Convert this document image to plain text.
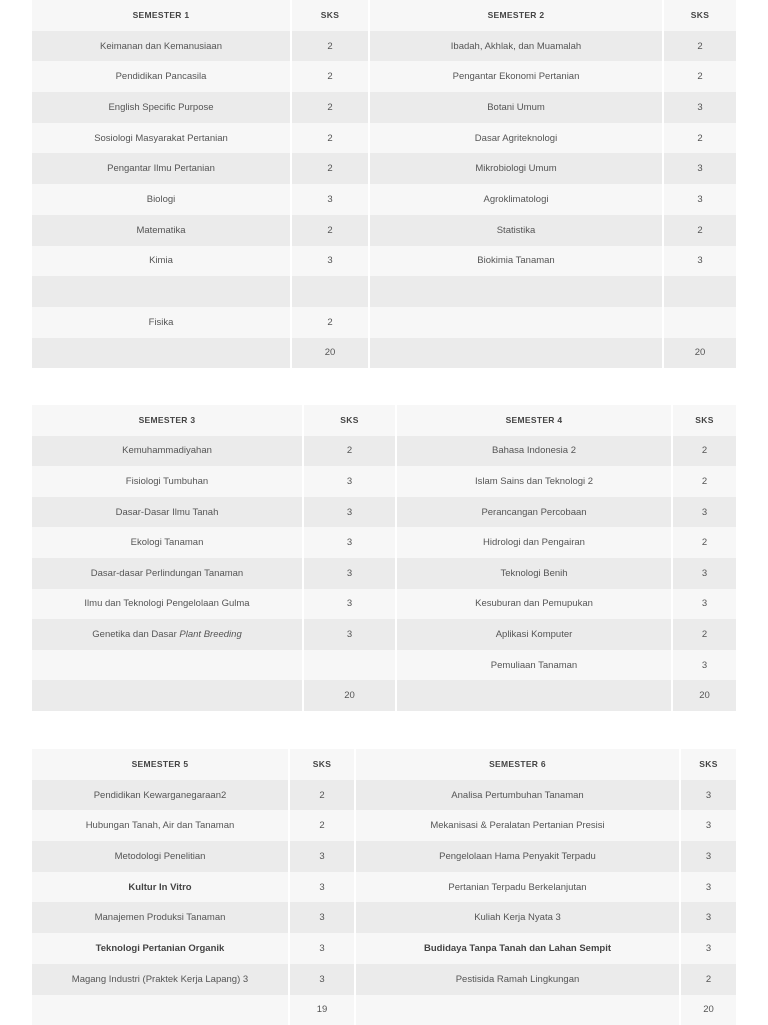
SEMESTER 1	SKS	SEMESTER 2	SKS
Keimanan dan Kemanusiaan	2	Ibadah, Akhlak, dan Muamalah	2
Pendidikan Pancasila	2	Pengantar Ekonomi Pertanian	2
English Specific Purpose	2	Botani Umum	3
Sosiologi Masyarakat Pertanian	2	Dasar Agriteknologi	2
Pengantar Ilmu Pertanian	2	Mikrobiologi Umum	3
Biologi	3	Agroklimatologi	3
Matematika	2	Statistika	2
Kimia	3	Biokimia Tanaman	3

Fisika	2		
	20		20
SEMESTER 3	SKS	SEMESTER 4	SKS
Kemuhammadiyahan	2	Bahasa Indonesia 2	2
Fisiologi Tumbuhan	3	Islam Sains dan Teknologi 2	2
Dasar-Dasar Ilmu Tanah	3	Perancangan Percobaan	3
Ekologi Tanaman	3	Hidrologi dan Pengairan	2
Dasar-dasar Perlindungan Tanaman	3	Teknologi Benih	3
Ilmu dan Teknologi Pengelolaan Gulma	3	Kesuburan dan Pemupukan	3
Genetika dan Dasar Plant Breeding	3	Aplikasi Komputer	2
		Pemuliaan Tanaman	3
	20		20
SEMESTER 5	SKS	SEMESTER 6	SKS
Pendidikan Kewarganegaraan2	2	Analisa Pertumbuhan Tanaman	3
Hubungan Tanah, Air dan Tanaman	2	Mekanisasi & Peralatan Pertanian Presisi	3
Metodologi Penelitian	3	Pengelolaan Hama Penyakit Terpadu	3
Kultur In Vitro	3	Pertanian Terpadu Berkelanjutan	3
Manajemen Produksi Tanaman	3	Kuliah Kerja Nyata 3	3
Teknologi Pertanian Organik	3	Budidaya Tanpa Tanah dan Lahan Sempit	3
Magang Industri (Praktek Kerja Lapang) 3	3	Pestisida Ramah Lingkungan	2
	19		20
